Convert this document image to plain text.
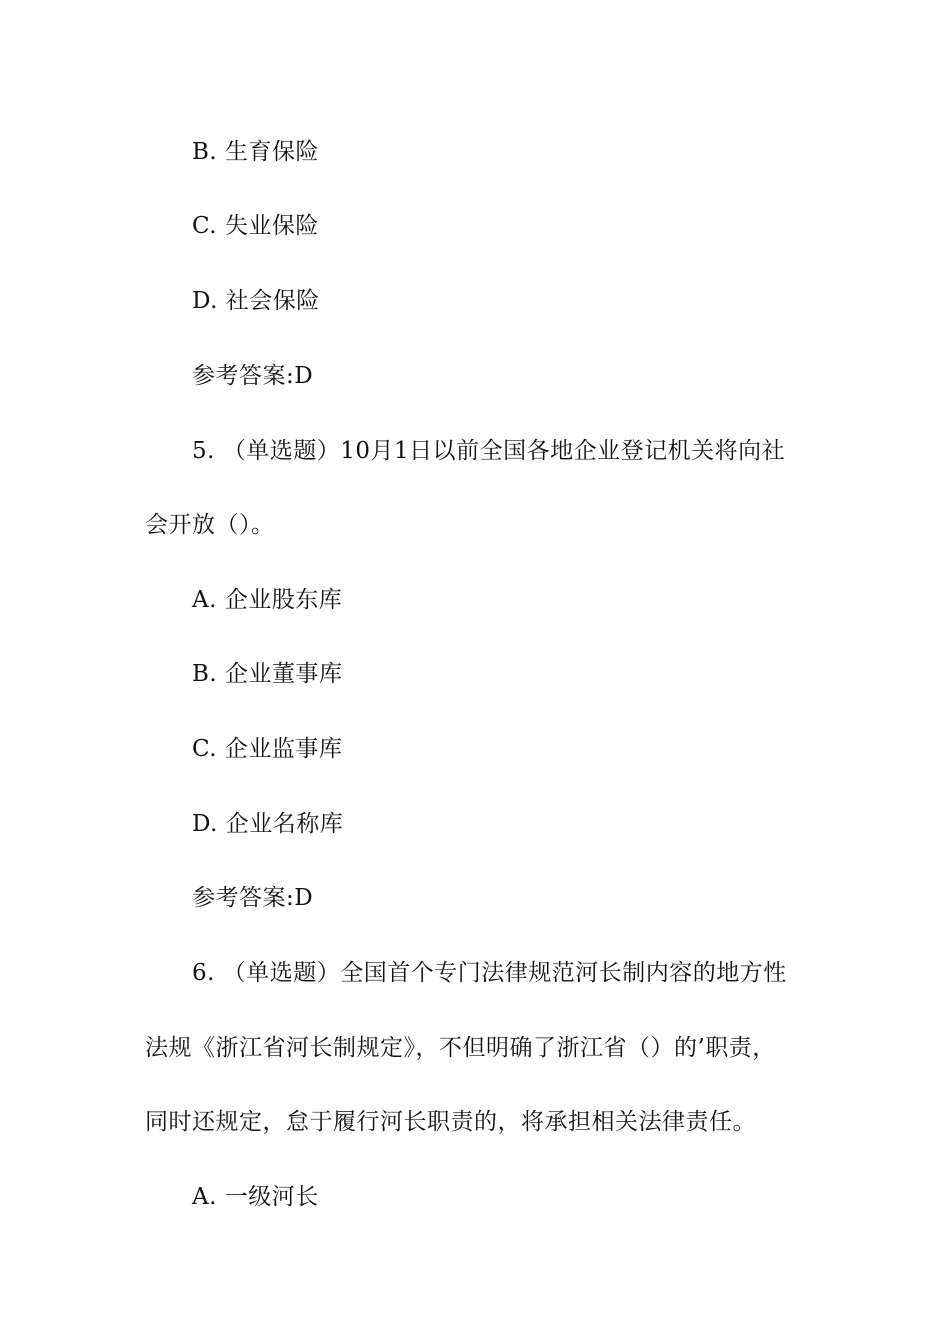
B. 生育保险
C. 失业保险
D. 社会保险
参考答案:D
5. （单选题）10月1日以前全国各地企业登记机关将向社
会开放（）。
A. 企业股东库
B. 企业董事库
C. 企业监事库
D. 企业名称库
参考答案:D
6. （单选题）全国首个专门法律规范河长制内容的地方性
法规《浙江省河长制规定》，不但明确了浙江省（）的’职责，
同时还规定，怠于履行河长职责的，将承担相关法律责任。
A. 一级河长
